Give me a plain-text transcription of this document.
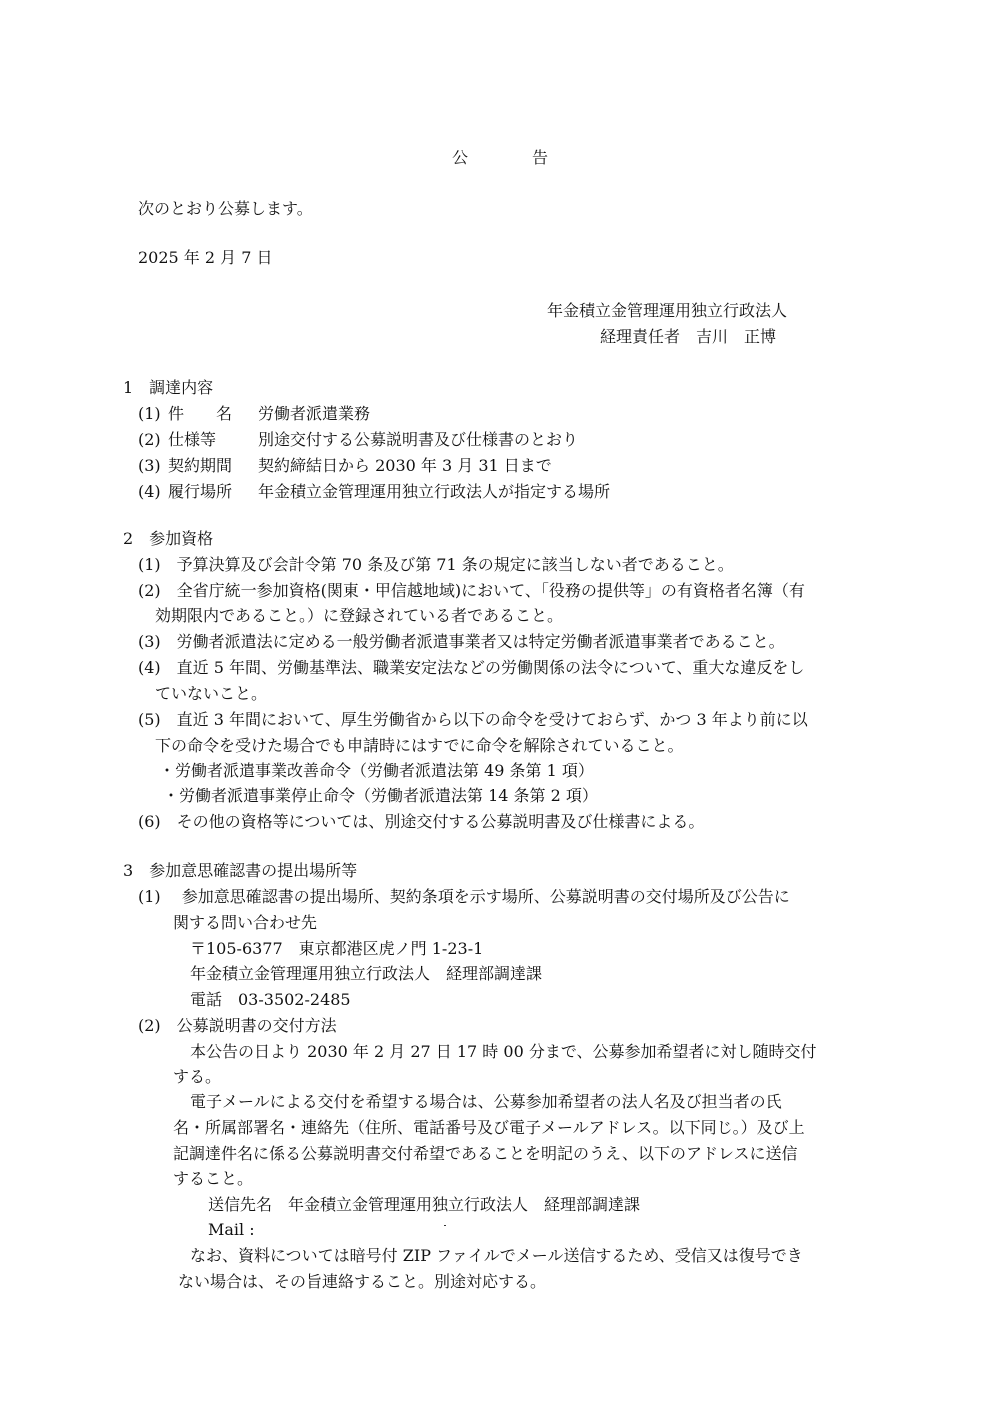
公	告
次のとおり公募します。
2025 年 2 月 7 日
年金積立金管理運用独立行政法人
経理責任者　吉川　正博
1　調達内容
(1) 件　　名 労働者派遣業務
(2) 仕様等	別途交付する公募説明書及び仕様書のとおり
(3) 契約期間 契約締結日から 2030 年 3 月 31 日まで
(4) 履行場所 年金積立金管理運用独立行政法人が指定する場所
2　参加資格
(1)　予算決算及び会計令第 70 条及び第 71 条の規定に該当しない者であること。
(2)　全省庁統一参加資格(関東・甲信越地域)において、「役務の提供等」の有資格者名簿（有
効期限内であること。）に登録されている者であること。
(3)　労働者派遣法に定める一般労働者派遣事業者又は特定労働者派遣事業者であること。
(4)　直近 5 年間、労働基準法、職業安定法などの労働関係の法令について、重大な違反をし
ていないこと。
(5)　直近 3 年間において、厚生労働省から以下の命令を受けておらず、かつ 3 年より前に以
下の命令を受けた場合でも申請時にはすでに命令を解除されていること。
・労働者派遣事業改善命令（労働者派遣法第 49 条第 1 項）
・労働者派遣事業停止命令（労働者派遣法第 14 条第 2 項）
(6)　その他の資格等については、別途交付する公募説明書及び仕様書による。
3　参加意思確認書の提出場所等
(1)　 参加意思確認書の提出場所、契約条項を示す場所、公募説明書の交付場所及び公告に
関する問い合わせ先
〒105-6377　東京都港区虎ノ門 1-23-1
年金積立金管理運用独立行政法人　経理部調達課
電話　03-3502-2485
(2)　公募説明書の交付方法
本公告の日より 2030 年 2 月 27 日 17 時 00 分まで、公募参加希望者に対し随時交付
する。
電子メールによる交付を希望する場合は、公募参加希望者の法人名及び担当者の氏
名・所属部署名・連絡先（住所、電話番号及び電子メールアドレス。以下同じ。）及び上
記調達件名に係る公募説明書交付希望であることを明記のうえ、以下のアドレスに送信
すること。
送信先名　年金積立金管理運用独立行政法人　経理部調達課
Mail :
なお、資料については暗号付 ZIP ファイルでメール送信するため、受信又は復号でき
ない場合は、その旨連絡すること。別途対応する。
